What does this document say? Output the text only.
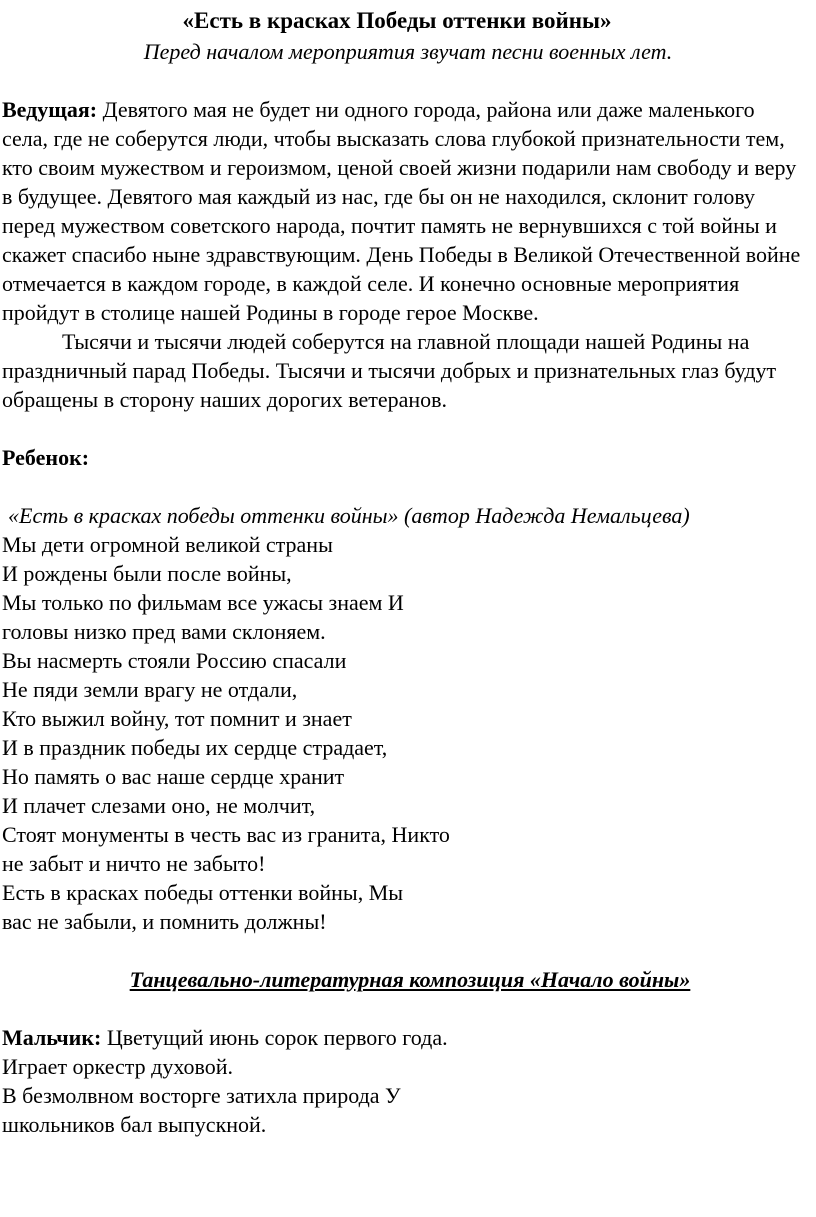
«Есть в красках Победы оттенки войны»

Перед началом мероприятия звучат песни военных лет.

Ведущая: Девятого мая не будет ни одного города, района или даже маленького села, где не соберутся люди, чтобы высказать слова глубокой признательности тем, кто своим мужеством и героизмом, ценой своей жизни подарили нам свободу и веру в будущее. Девятого мая каждый из нас, где бы он не находился, склонит голову перед мужеством советского народа, почтит память не вернувшихся с той войны и скажет спасибо ныне здравствующим. День Победы в Великой Отечественной войне отмечается в каждом городе, в каждой селе. И конечно основные мероприятия пройдут в столице нашей Родины в городе герое Москве.

Тысячи и тысячи людей соберутся на главной площади нашей Родины на праздничный парад Победы. Тысячи и тысячи добрых и признательных глаз будут обращены в сторону наших дорогих ветеранов.

Ребенок:

«Есть в красках победы оттенки войны» (автор Надежда Немальцева)

Мы дети огромной великой страны

И рождены были после войны,

Мы только по фильмам все ужасы знаем И

головы низко пред вами склоняем.

Вы насмерть стояли Россию спасали

Не пяди земли врагу не отдали,

Кто выжил войну, тот помнит и знает

И в праздник победы их сердце страдает,

Но память о вас наше сердце хранит

И плачет слезами оно, не молчит,

Стоят монументы в честь вас из гранита, Никто

не забыт и ничто не забыто!

Есть в красках победы оттенки войны, Мы

вас не забыли, и помнить должны!

Танцевально-литературная композиция «Начало войны»

Мальчик: Цветущий июнь сорок первого года.

Играет оркестр духовой.

В безмолвном восторге затихла природа У

школьников бал выпускной.
